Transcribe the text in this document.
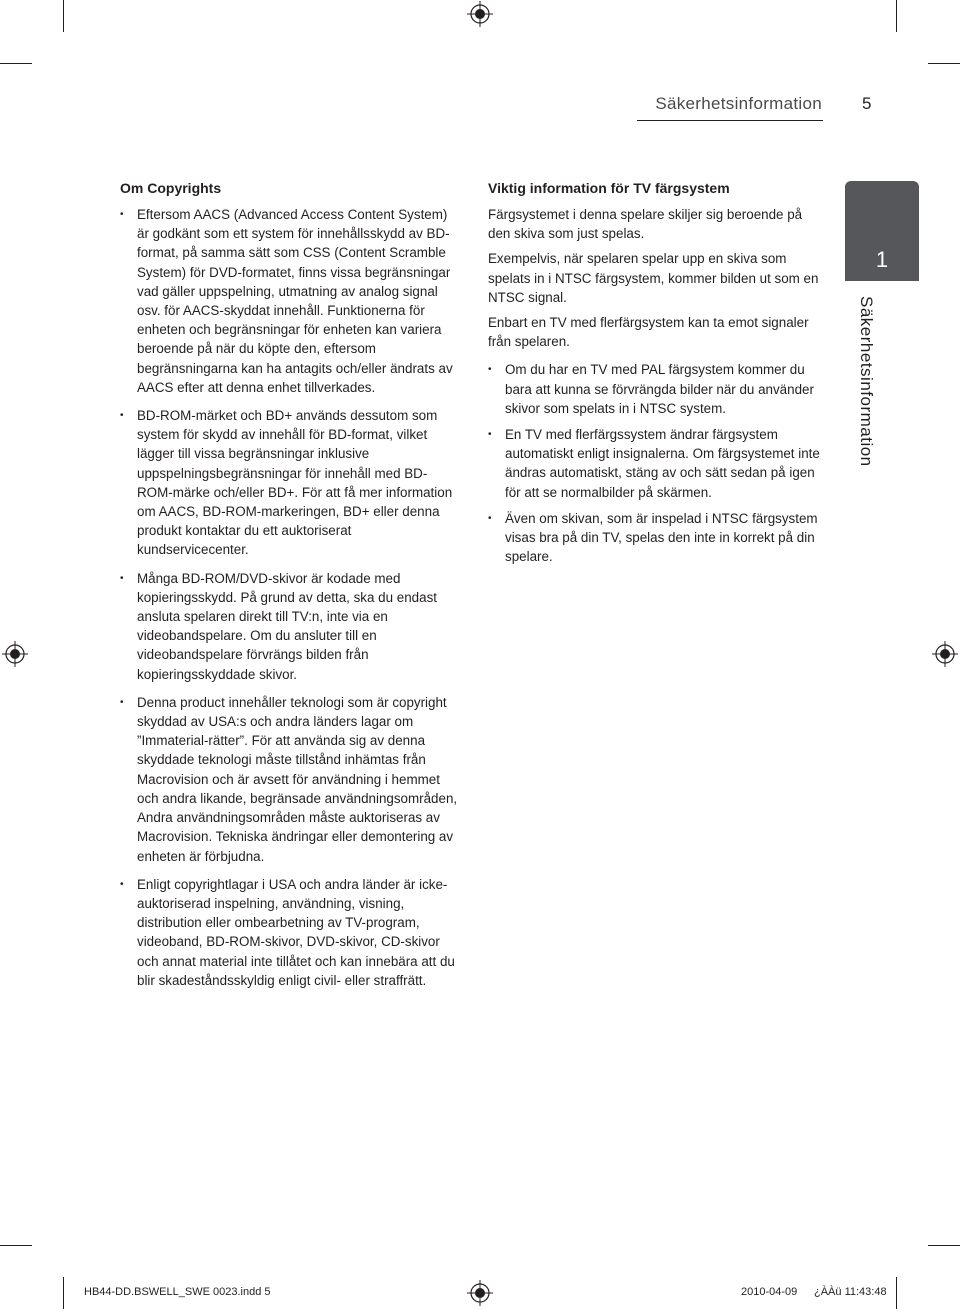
Säkerhetsinformation 5
Om Copyrights
• Eftersom AACS (Advanced Access Content System) är godkänt som ett system för innehållsskydd av BD-format, på samma sätt som CSS (Content Scramble System) för DVD-formatet, finns vissa begränsningar vad gäller uppspelning, utmatning av analog signal osv. för AACS-skyddat innehåll. Funktionerna för enheten och begränsningar för enheten kan variera beroende på när du köpte den, eftersom begränsningarna kan ha antagits och/eller ändrats av AACS efter att denna enhet tillverkades.
• BD-ROM-märket och BD+ används dessutom som system för skydd av innehåll för BD-format, vilket lägger till vissa begränsningar inklusive uppspelningsbegränsningar för innehåll med BD-ROM-märke och/eller BD+. För att få mer information om AACS, BD-ROM-markeringen, BD+ eller denna produkt kontaktar du ett auktoriserat kundservicecenter.
• Många BD-ROM/DVD-skivor är kodade med kopieringsskydd. På grund av detta, ska du endast ansluta spelaren direkt till TV:n, inte via en videobandspelare. Om du ansluter till en videobandspelare förvrängs bilden från kopieringsskyddade skivor.
• Denna product innehåller teknologi som är copyright skyddad av USA:s och andra länders lagar om ”Immaterial-rätter”. För att använda sig av denna skyddade teknologi måste tillstånd inhämtas från Macrovision och är avsett för användning i hemmet och andra likande, begränsade användningsområden, Andra användningsområden måste auktoriseras av Macrovision. Tekniska ändringar eller demontering av enheten är förbjudna.
• Enligt copyrightlagar i USA och andra länder är icke-auktoriserad inspelning, användning, visning, distribution eller ombearbetning av TV-program, videoband, BD-ROM-skivor, DVD-skivor, CD-skivor och annat material inte tillåtet och kan innebära att du blir skadeståndsskyldig enligt civil- eller straffrätt.
Viktig information för TV färgsystem

Färgsystemet i denna spelare skiljer sig beroende på den skiva som just spelas.

Exempelvis, när spelaren spelar upp en skiva som spelats in i NTSC färgsystem, kommer bilden ut som en NTSC signal.

Enbart en TV med flerfärgsystem kan ta emot signaler från spelaren.

• Om du har en TV med PAL färgsystem kommer du bara att kunna se förvrängda bilder när du använder skivor som spelats in i NTSC system.
• En TV med flerfärgssystem ändrar färgsystem automatiskt enligt insignalerna. Om färgsystemet inte ändras automatiskt, stäng av och sätt sedan på igen för att se normalbilder på skärmen.
• Även om skivan, som är inspelad i NTSC färgsystem visas bra på din TV, spelas den inte in korrekt på din spelare.
1
Säkerhetsinformation
HB44-DD.BSWELL_SWE 0023.indd 5	2010-04-09 ¿ÀÀü 11:43:48
